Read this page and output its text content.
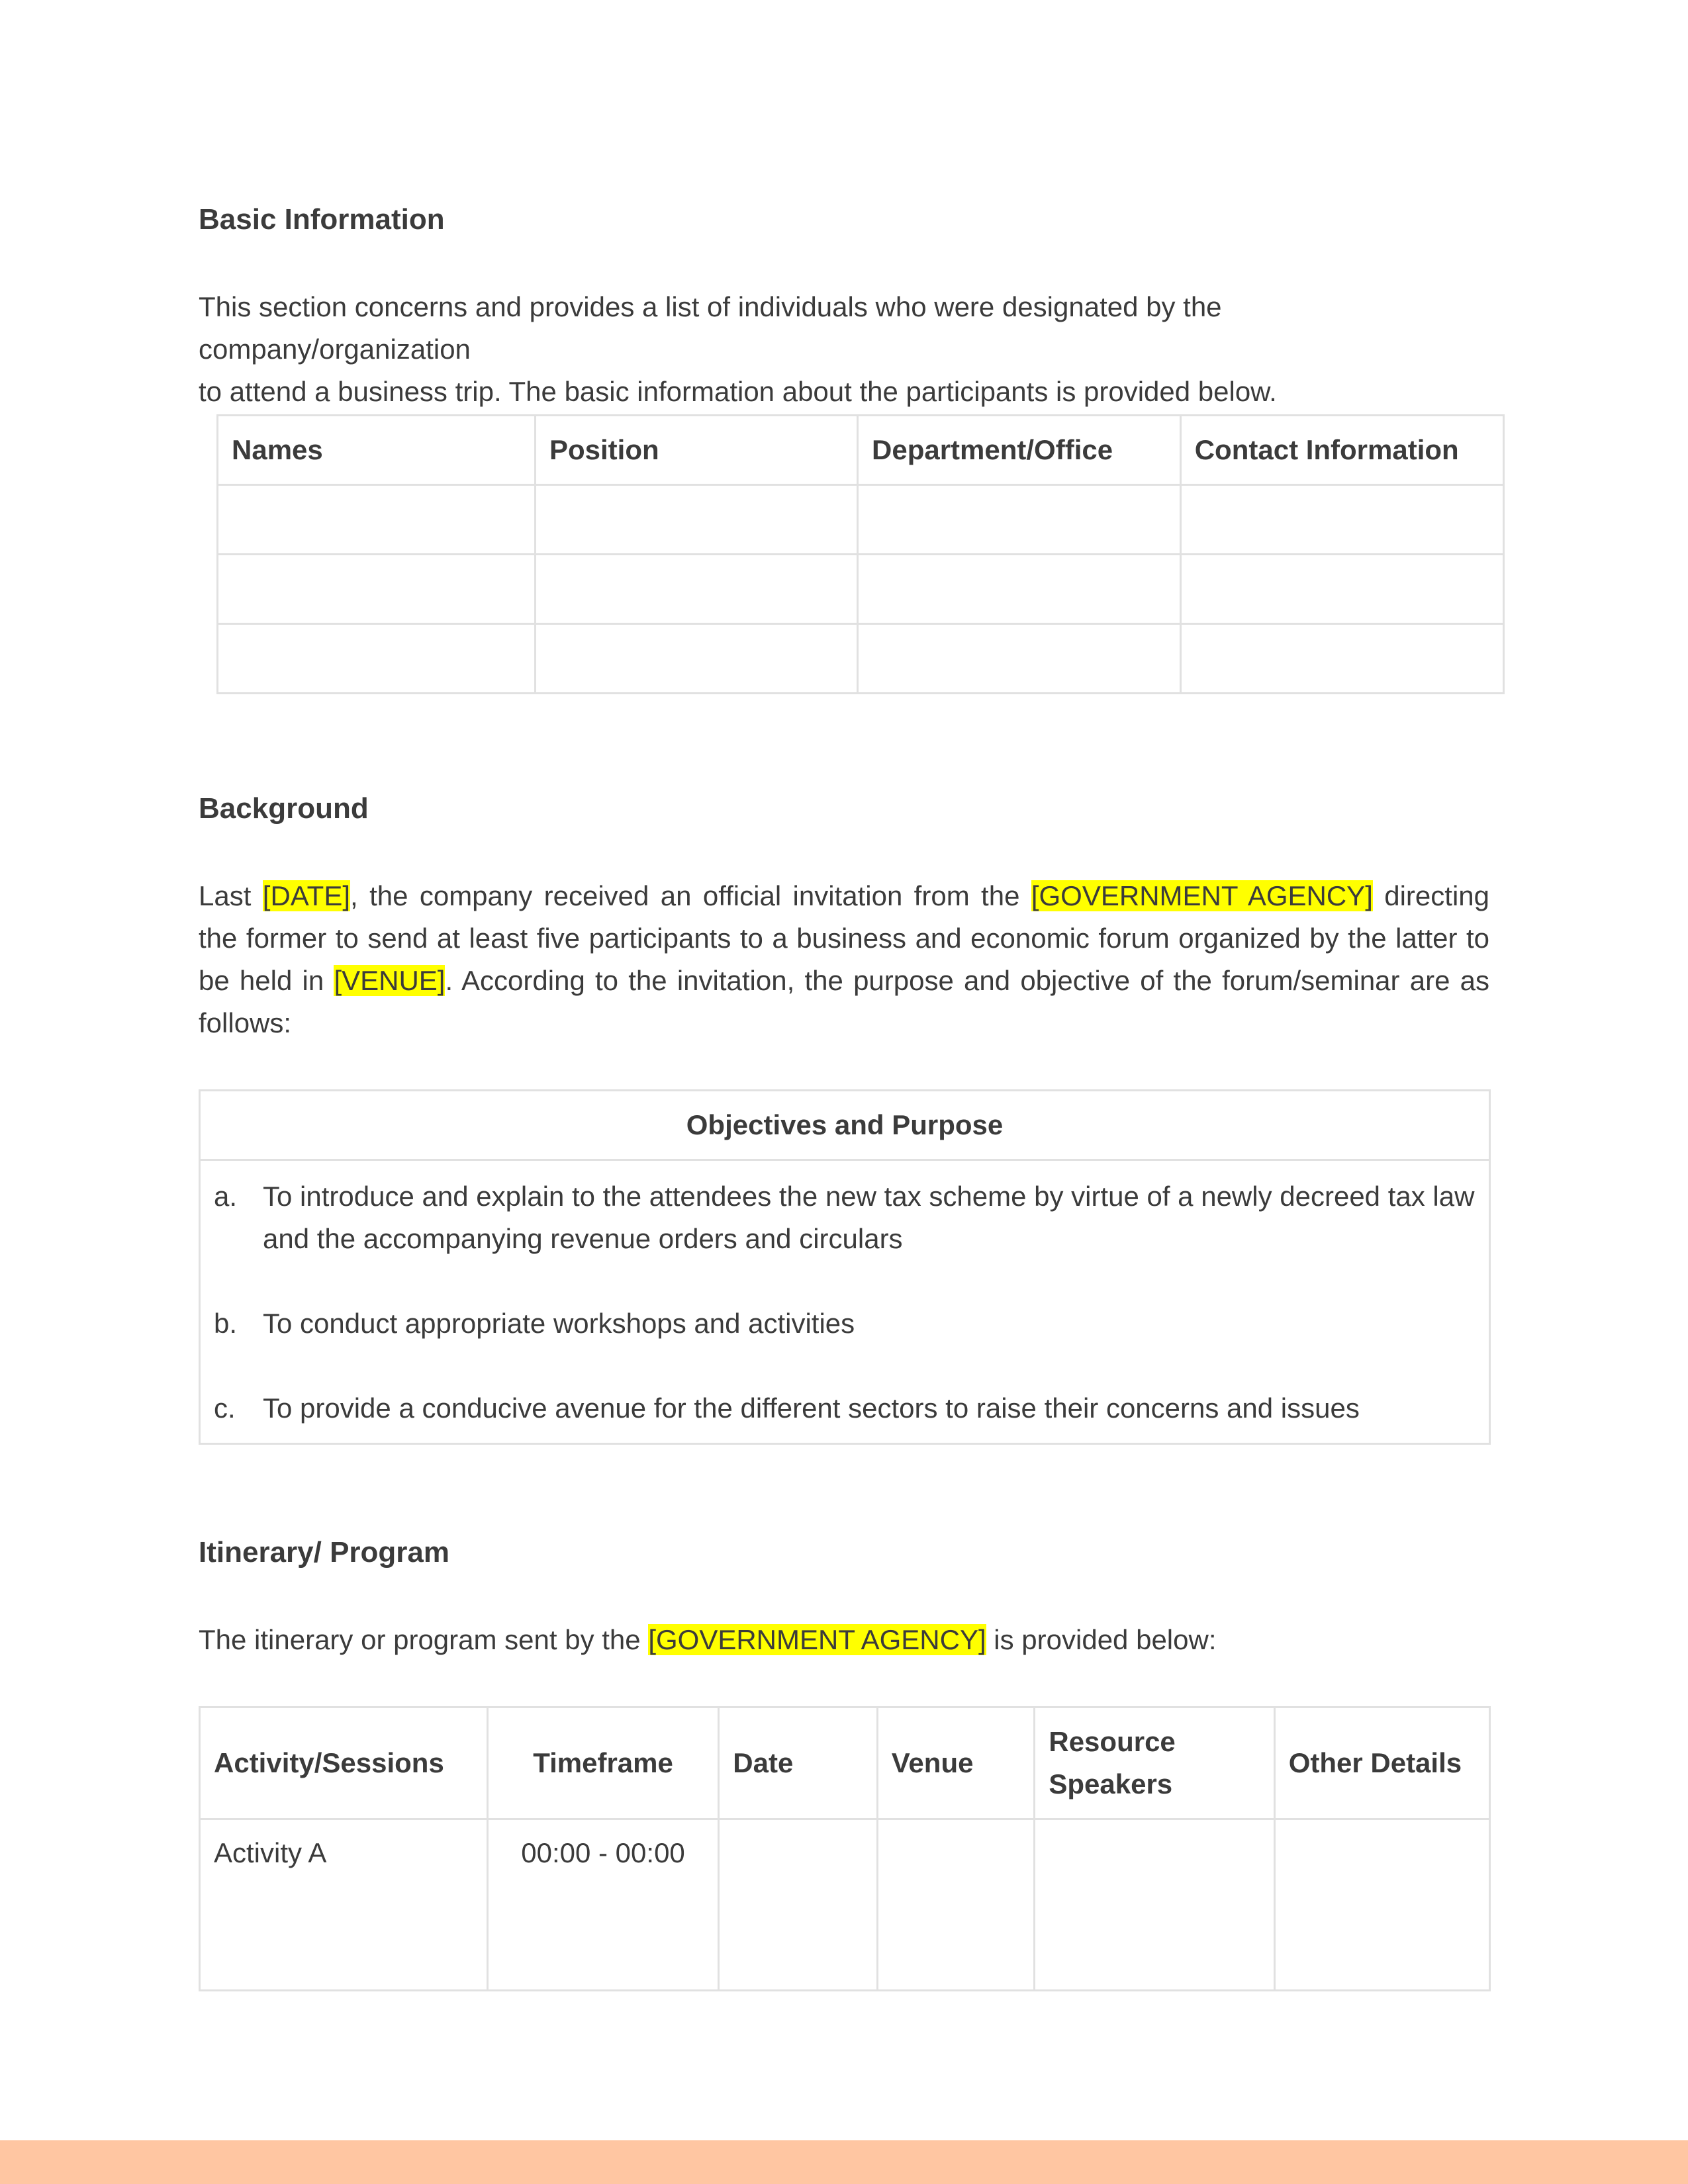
Basic Information

This section concerns and provides a list of individuals who were designated by the company/organization
to attend a business trip. The basic information about the participants is provided below.

Names	Position	Department/Office	Contact Information

Background

Last [DATE], the company received an official invitation from the [GOVERNMENT AGENCY] directing the former to send at least five participants to a business and economic forum organized by the latter to be held in [VENUE]. According to the invitation, the purpose and objective of the forum/seminar are as follows:

Objectives and Purpose

a. To introduce and explain to the attendees the new tax scheme by virtue of a newly decreed tax law and the accompanying revenue orders and circulars
b. To conduct appropriate workshops and activities
c. To provide a conducive avenue for the different sectors to raise their concerns and issues
Itinerary/ Program

The itinerary or program sent by the [GOVERNMENT AGENCY] is provided below:

Activity/Sessions	Timeframe	Date	Venue	Resource Speakers	Other Details
Activity A	00:00 - 00:00				
